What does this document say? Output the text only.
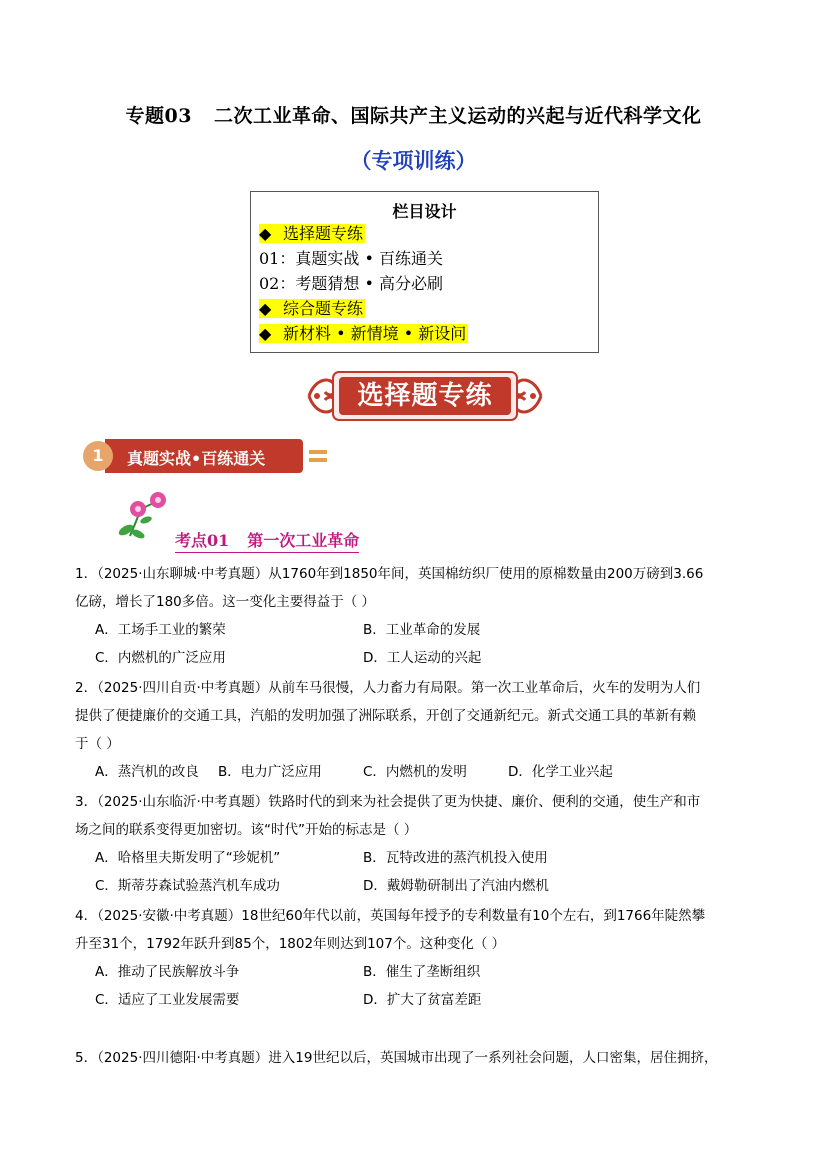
专题03 二次工业革命、国际共产主义运动的兴起与近代科学文化
（专项训练）
栏目设计
◆ 选择题专练
01：真题实战 • 百练通关
02：考题猜想 • 高分必刷
◆ 综合题专练
◆ 新材料 • 新情境 • 新设问
选择题专练
1	真题实战•百练通关
考点01 第一次工业革命
1．（2025·山东聊城·中考真题）从1760年到1850年间，英国棉纺织厂使用的原棉数量由200万磅到3.66
亿磅，增长了180多倍。这一变化主要得益于（ ）
A．工场手工业的繁荣	B．工业革命的发展
C．内燃机的广泛应用	D．工人运动的兴起
2．（2025·四川自贡·中考真题）从前车马很慢，人力畜力有局限。第一次工业革命后，火车的发明为人们
提供了便捷廉价的交通工具，汽船的发明加强了洲际联系，开创了交通新纪元。新式交通工具的革新有赖
于（ ）
A．蒸汽机的改良 B．电力广泛应用	C．内燃机的发明	D．化学工业兴起
3．（2025·山东临沂·中考真题）铁路时代的到来为社会提供了更为快捷、廉价、便利的交通，使生产和市
场之间的联系变得更加密切。该“时代”开始的标志是（ ）
A．哈格里夫斯发明了“珍妮机”	B．瓦特改进的蒸汽机投入使用
C．斯蒂芬森试验蒸汽机车成功	D．戴姆勒研制出了汽油内燃机
4．（2025·安徽·中考真题）18世纪60年代以前，英国每年授予的专利数量有10个左右，到1766年陡然攀
升至31个，1792年跃升到85个，1802年则达到107个。这种变化（ ）
A．推动了民族解放斗争	B．催生了垄断组织
C．适应了工业发展需要	D．扩大了贫富差距
5．（2025·四川德阳·中考真题）进入19世纪以后，英国城市出现了一系列社会问题，人口密集，居住拥挤，
